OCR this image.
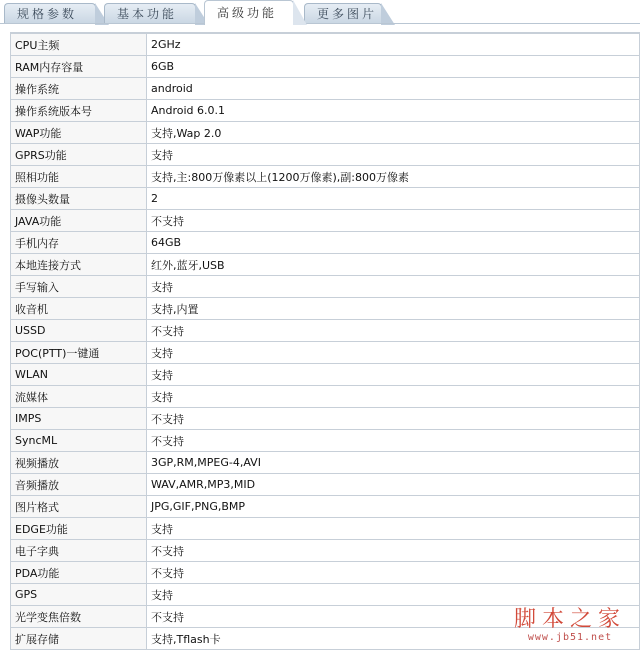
规格参数	基本功能	高级功能	更多图片
CPU主频	2GHz
RAM内存容量	6GB
操作系统	android
操作系统版本号	Android 6.0.1
WAP功能	支持,Wap 2.0
GPRS功能	支持
照相功能	支持,主:800万像素以上(1200万像素),副:800万像素
摄像头数量	2
JAVA功能	不支持
手机内存	64GB
本地连接方式	红外,蓝牙,USB
手写输入	支持
收音机	支持,内置
USSD	不支持
POC(PTT)一键通	支持
WLAN	支持
流媒体	支持
IMPS	不支持
SyncML	不支持
视频播放	3GP,RM,MPEG-4,AVI
音频播放	WAV,AMR,MP3,MID
图片格式	JPG,GIF,PNG,BMP
EDGE功能	支持
电子字典	不支持
PDA功能	不支持
GPS	支持
光学变焦倍数	不支持
扩展存储	支持,Tflash卡
脚本之家
www.jb51.net
